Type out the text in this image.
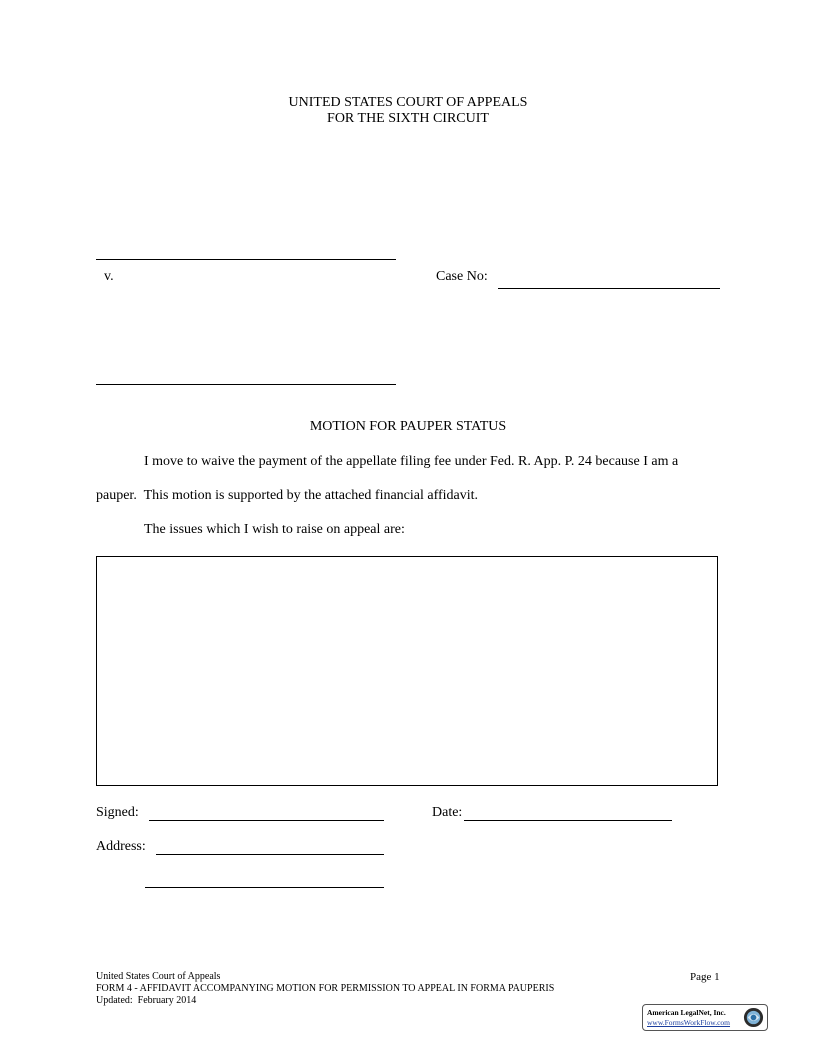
UNITED STATES COURT OF APPEALS
FOR THE SIXTH CIRCUIT
v.	Case No:
MOTION FOR PAUPER STATUS
I move to waive the payment of the appellate filing fee under Fed. R. App. P. 24 because I am a
pauper.  This motion is supported by the attached financial affidavit.
The issues which I wish to raise on appeal are:
Signed:	Date:
Address:
United States Court of Appeals
FORM 4 - AFFIDAVIT ACCOMPANYING MOTION FOR PERMISSION TO APPEAL IN FORMA PAUPERIS
Updated:  February 2014
Page 1
American LegalNet, Inc.
www.FormsWorkFlow.com
